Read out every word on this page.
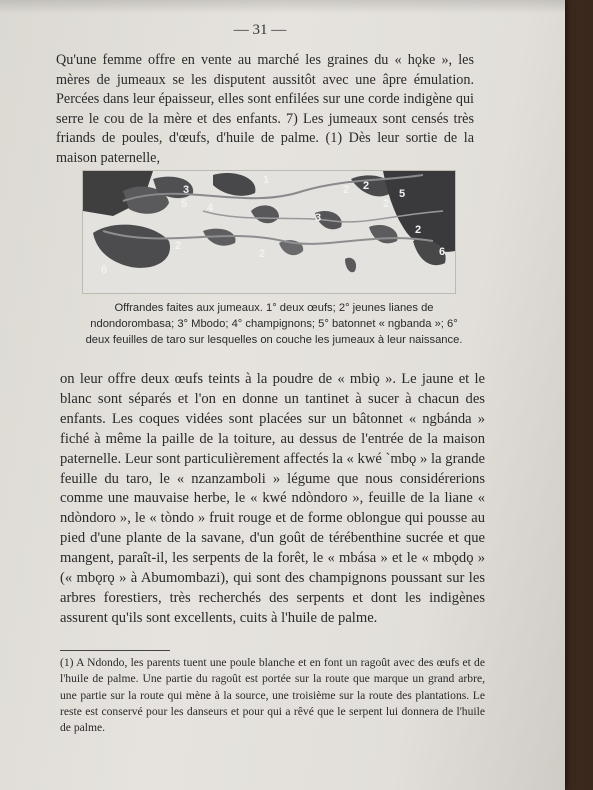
— 31 —

Qu'une femme offre en vente au marché les graines du « hǫke », les mères de jumeaux se les disputent aussitôt avec une âpre émulation. Percées dans leur épaisseur, elles sont enfilées sur une corde indigène qui serre le cou de la mère et des enfants. 7) Les jumeaux sont censés très friands de poules, d'œufs, d'huile de palme. (1) Dès leur sortie de la maison paternelle,

3
5 4
1
2
3
2
2
5
2
2
6
2
6

Offrandes faites aux jumeaux. 1° deux œufs; 2° jeunes lianes de ndondorombasa; 3° Mbodo; 4° champignons; 5° batonnet « ngbanda »; 6° deux feuilles de taro sur lesquelles on couche les jumeaux à leur naissance.

on leur offre deux œufs teints à la poudre de « mbiǫ ». Le jaune et le blanc sont séparés et l'on en donne un tantinet à sucer à chacun des enfants. Les coques vidées sont placées sur un bâtonnet « ngbánda » fiché à même la paille de la toiture, au dessus de l'entrée de la maison paternelle. Leur sont particulièrement affectés la « kwé `mbǫ » la grande feuille du taro, le « nzanzamboli » légume que nous considérerions comme une mauvaise herbe, le « kwé ndòndoro », feuille de la liane « ndòndoro », le « tòndo » fruit rouge et de forme oblongue qui pousse au pied d'une plante de la savane, d'un goût de térébenthine sucrée et que mangent, paraît-il, les serpents de la forêt, le « mbása » et le « mbǫdǫ » (« mbǫrǫ » à Abumombazi), qui sont des champignons poussant sur les arbres forestiers, très recherchés des serpents et dont les indigènes assurent qu'ils sont excellents, cuits à l'huile de palme.

(1) A Ndondo, les parents tuent une poule blanche et en font un ragoût avec des œufs et de l'huile de palme. Une partie du ragoût est portée sur la route que marque un grand arbre, une partie sur la route qui mène à la source, une troisième sur la route des plantations. Le reste est conservé pour les danseurs et pour qui a rêvé que le serpent lui donnera de l'huile de palme.
